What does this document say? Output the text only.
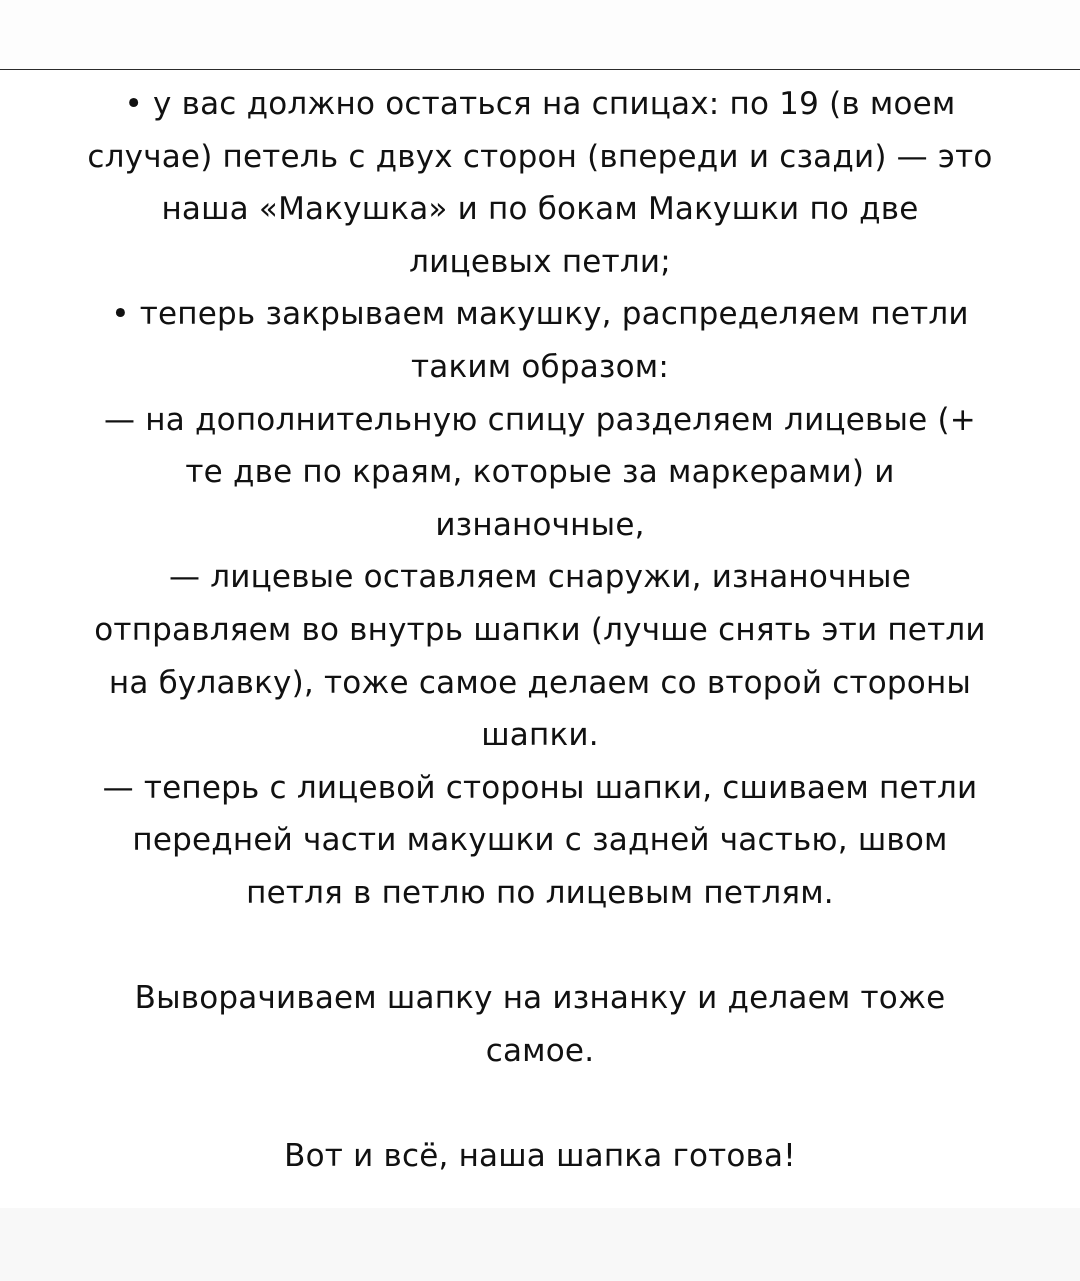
• у вас должно остаться на спицах: по 19 (в моем
случае) петель с двух сторон (впереди и сзади) — это
наша «Макушка» и по бокам Макушки по две
лицевых петли;
• теперь закрываем макушку, распределяем петли
таким образом:
— на дополнительную спицу разделяем лицевые (+
те две по краям, которые за маркерами) и
изнаночные,
— лицевые оставляем снаружи, изнаночные
отправляем во внутрь шапки (лучше снять эти петли
на булавку), тоже самое делаем со второй стороны
шапки.
— теперь с лицевой стороны шапки, сшиваем петли
передней части макушки с задней частью, швом
петля в петлю по лицевым петлям.
Выворачиваем шапку на изнанку и делаем тоже
самое.
Вот и всё, наша шапка готова!
